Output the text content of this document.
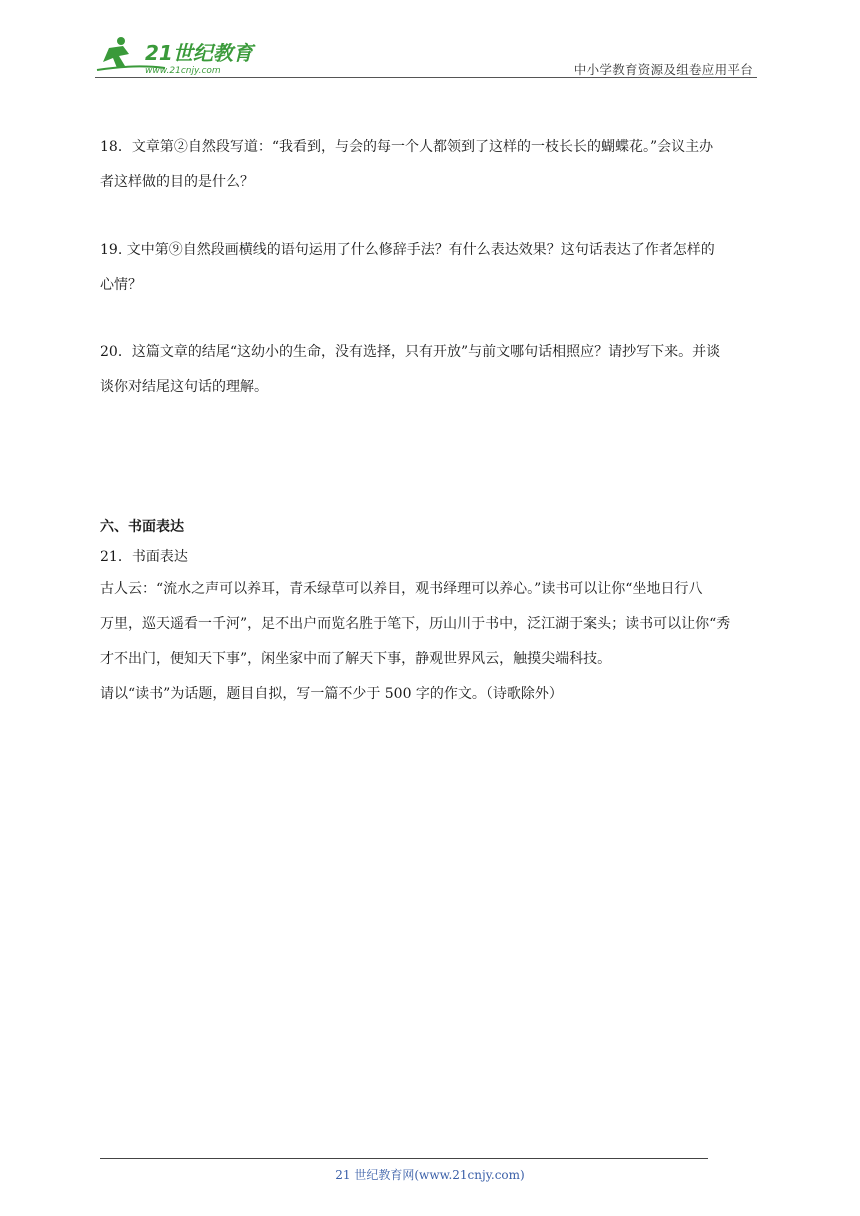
21世纪教育
www.21cnjy.com	中小学教育资源及组卷应用平台
18．文章第②自然段写道：“我看到，与会的每一个人都领到了这样的一枝长长的蝴蝶花。”会议主办
者这样做的目的是什么？
19. 文中第⑨自然段画横线的语句运用了什么修辞手法？有什么表达效果？这句话表达了作者怎样的
心情？
20．这篇文章的结尾“这幼小的生命，没有选择，只有开放”与前文哪句话相照应？请抄写下来。并谈
谈你对结尾这句话的理解。
六、书面表达
21．书面表达
古人云：“流水之声可以养耳，青禾绿草可以养目，观书绎理可以养心。”读书可以让你“坐地日行八
万里，巡天遥看一千河”，足不出户而览名胜于笔下，历山川于书中，泛江湖于案头；读书可以让你“秀
才不出门，便知天下事”，闲坐家中而了解天下事，静观世界风云，触摸尖端科技。
请以“读书”为话题，题目自拟，写一篇不少于 500 字的作文。（诗歌除外）
21 世纪教育网(www.21cnjy.com)
